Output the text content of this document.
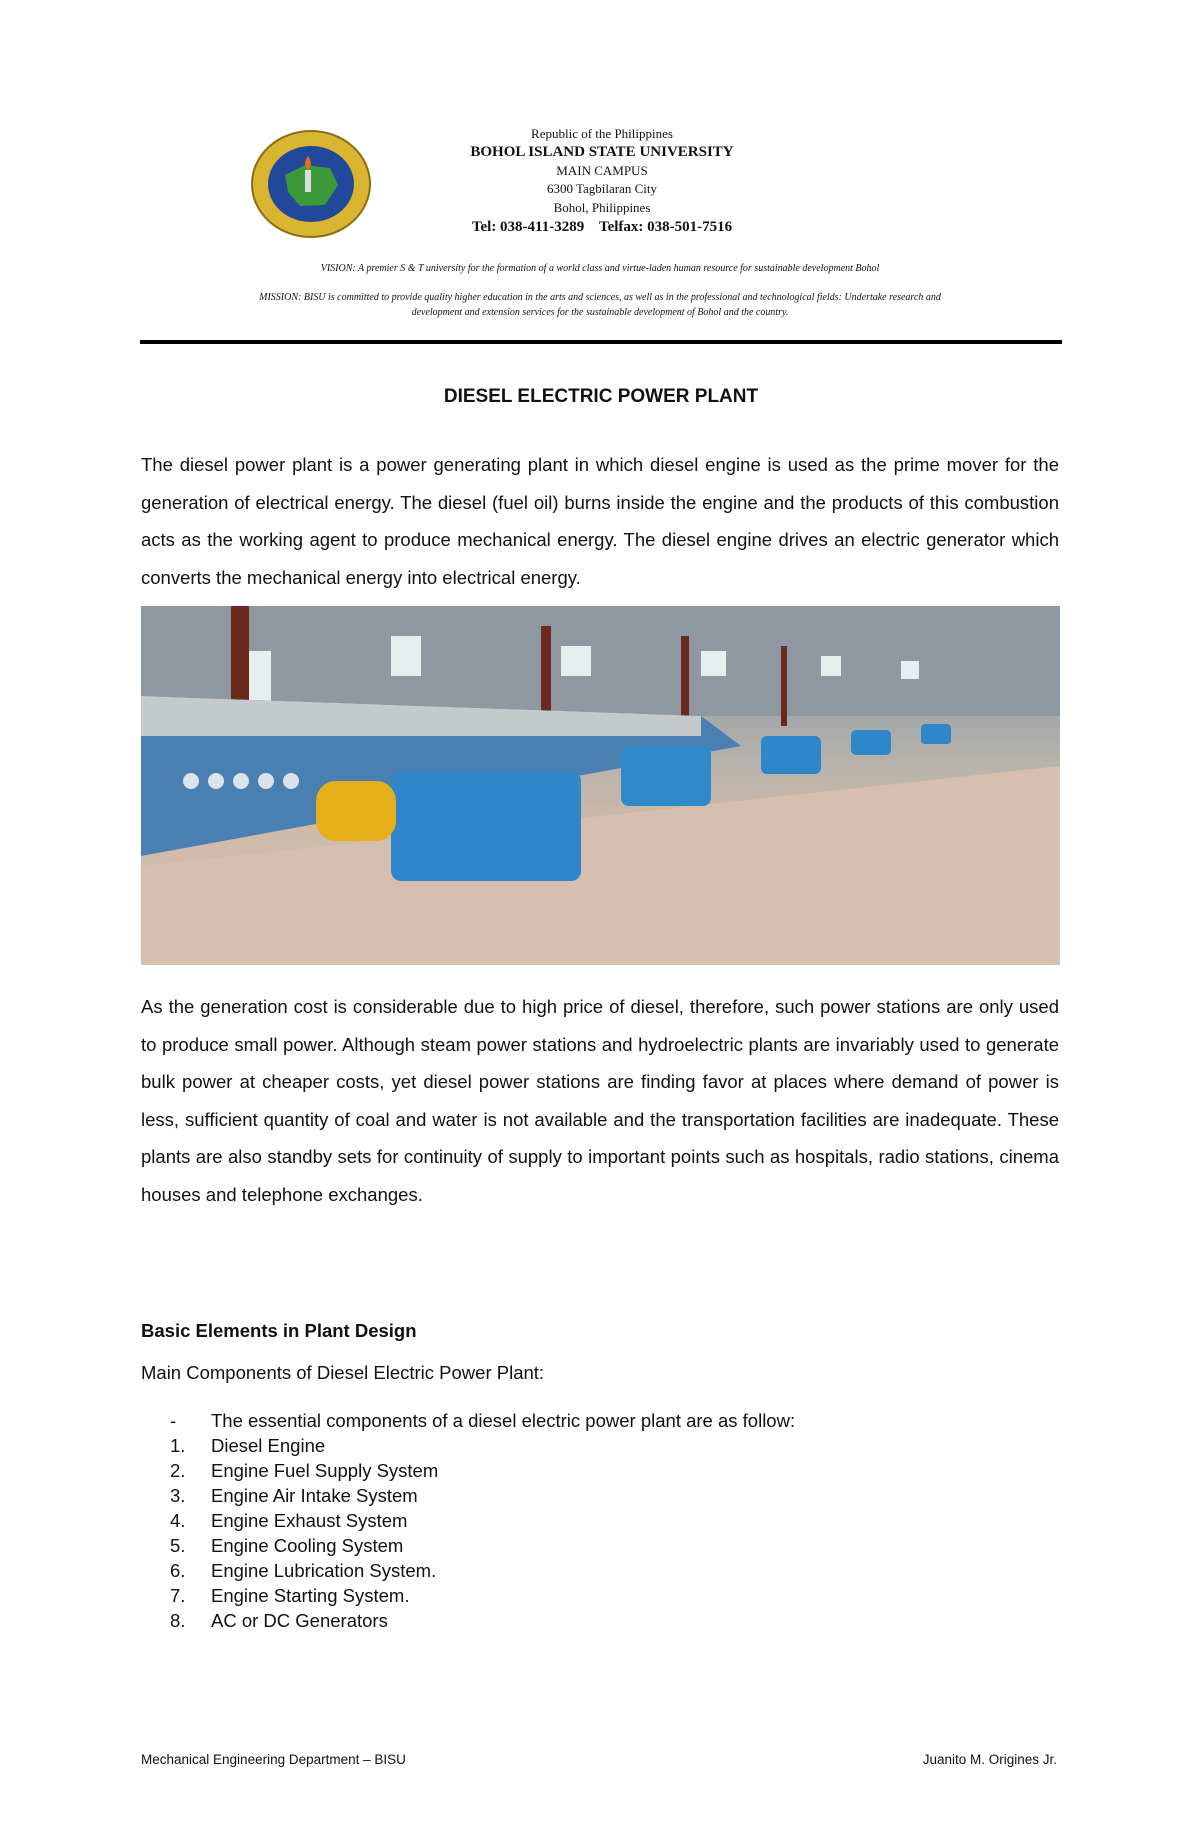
Republic of the Philippines
BOHOL ISLAND STATE UNIVERSITY
MAIN CAMPUS
6300 Tagbilaran City
Bohol, Philippines
Tel: 038-411-3289    Telfax: 038-501-7516
VISION: A premier S & T university for the formation of a world class and virtue-laden human resource for sustainable development Bohol
MISSION: BISU is committed to provide quality higher education in the arts and sciences, as well as in the professional and technological fields: Undertake research and development and extension services for the sustainable development of Bohol and the country.
DIESEL ELECTRIC POWER PLANT
The diesel power plant is a power generating plant in which diesel engine is used as the prime mover for the generation of electrical energy. The diesel (fuel oil) burns inside the engine and the products of this combustion acts as the working agent to produce mechanical energy. The diesel engine drives an electric generator which converts the mechanical energy into electrical energy.
As the generation cost is considerable due to high price of diesel, therefore, such power stations are only used to produce small power. Although steam power stations and hydroelectric plants are invariably used to generate bulk power at cheaper costs, yet diesel power stations are finding favor at places where demand of power is less, sufficient quantity of coal and water is not available and the transportation facilities are inadequate. These plants are also standby sets for continuity of supply to important points such as hospitals, radio stations, cinema houses and telephone exchanges.
Basic Elements in Plant Design
Main Components of Diesel Electric Power Plant:
- The essential components of a diesel electric power plant are as follow:
1. Diesel Engine
2. Engine Fuel Supply System
3. Engine Air Intake System
4. Engine Exhaust System
5. Engine Cooling System
6. Engine Lubrication System.
7. Engine Starting System.
8. AC or DC Generators
Mechanical Engineering Department – BISU	Juanito M. Origines Jr.
